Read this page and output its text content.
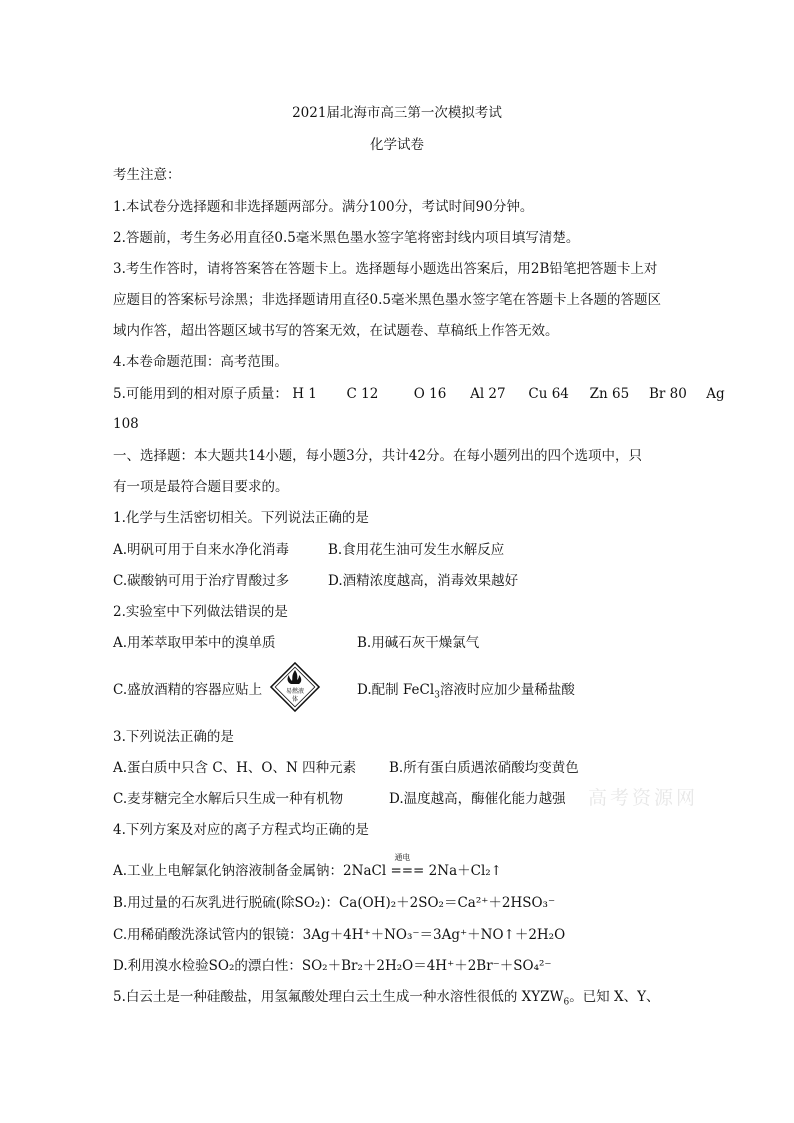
2021届北海市高三第一次模拟考试
化学试卷
考生注意：
1.本试卷分选择题和非选择题两部分。满分100分，考试时间90分钟。
2.答题前，考生务必用直径0.5毫米黑色墨水签字笔将密封线内项目填写清楚。
3.考生作答时，请将答案答在答题卡上。选择题每小题选出答案后，用2B铅笔把答题卡上对
应题目的答案标号涂黑；非选择题请用直径0.5毫米黑色墨水签字笔在答题卡上各题的答题区
域内作答，超出答题区域书写的答案无效，在试题卷、草稿纸上作答无效。
4.本卷命题范围：高考范围。
5.可能用到的相对原子质量： H 1 C 12	O 16 Al 27 Cu 64 Zn 65 Br 80 Ag
108
一、选择题：本大题共14小题，每小题3分，共计42分。在每小题列出的四个选项中，只
有一项是最符合题目要求的。
1.化学与生活密切相关。下列说法正确的是
A.明矾可用于自来水净化消毒	B.食用花生油可发生水解反应
C.碳酸钠可用于治疗胃酸过多	D.酒精浓度越高，消毒效果越好
2.实验室中下列做法错误的是
A.用苯萃取甲苯中的溴单质	B.用碱石灰干燥氯气
C.盛放酒精的容器应贴上	易燃液
体
D.配制 FeCl$_3$溶液时应加少量稀盐酸
3.下列说法正确的是
A.蛋白质中只含 C、H、O、N 四种元素 B.所有蛋白质遇浓硝酸均变黄色
C.麦芽糖完全水解后只生成一种有机物	D.温度越高，酶催化能力越强 高考资源网
4.下列方案及对应的离子方程式均正确的是
A.工业上电解氯化钠溶液制备金属钠：2NaCl
通电
=== 2Na＋Cl₂↑
B.用过量的石灰乳进行脱硫(除SO₂)：Ca(OH)₂＋2SO₂＝Ca²⁺＋2HSO₃⁻
C.用稀硝酸洗涤试管内的银镜：3Ag＋4H⁺＋NO₃⁻＝3Ag⁺＋NO↑＋2H₂O
D.利用溴水检验SO₂的漂白性：SO₂＋Br₂＋2H₂O＝4H⁺＋2Br⁻＋SO₄²⁻
5.白云土是一种硅酸盐，用氢氟酸处理白云土生成一种水溶性很低的 $XYZW_6$。已知 X、Y、
